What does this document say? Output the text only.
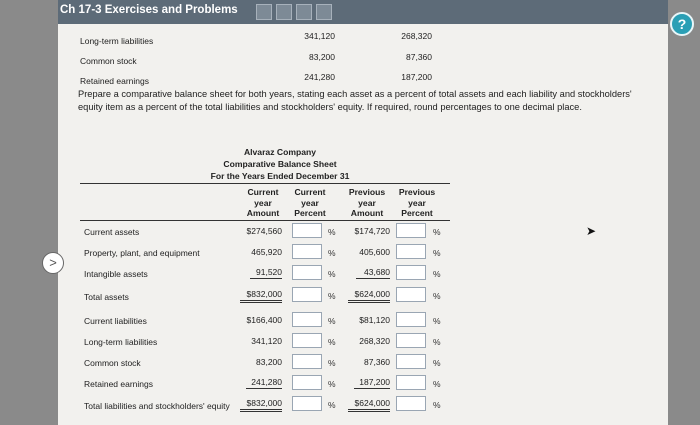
Ch 17-3 Exercises and Problems
?
>
Long-term liabilities	341,120	268,320
Common stock	83,200	87,360
Retained earnings	241,280	187,200
Prepare a comparative balance sheet for both years, stating each asset as a percent of total assets and each liability and stockholders' equity item as a percent of the total liabilities and stockholders' equity. If required, round percentages to one decimal place.
Alvaraz Company
Comparative Balance Sheet
For the Years Ended December 31
Current
year
Amount
Current
year
Percent
Previous
year
Amount
Previous
year
Percent
Current assets	$274,560	%	$174,720	%
Property, plant, and equipment	465,920	%	405,600	%
Intangible assets	91,520	%	43,680	%
Total assets	$832,000	%	$624,000	%
Current liabilities	$166,400	%	$81,120	%
Long-term liabilities	341,120	%	268,320	%
Common stock	83,200	%	87,360	%
Retained earnings	241,280	%	187,200	%
Total liabilities and stockholders' equity	$832,000	%	$624,000	%
➤
